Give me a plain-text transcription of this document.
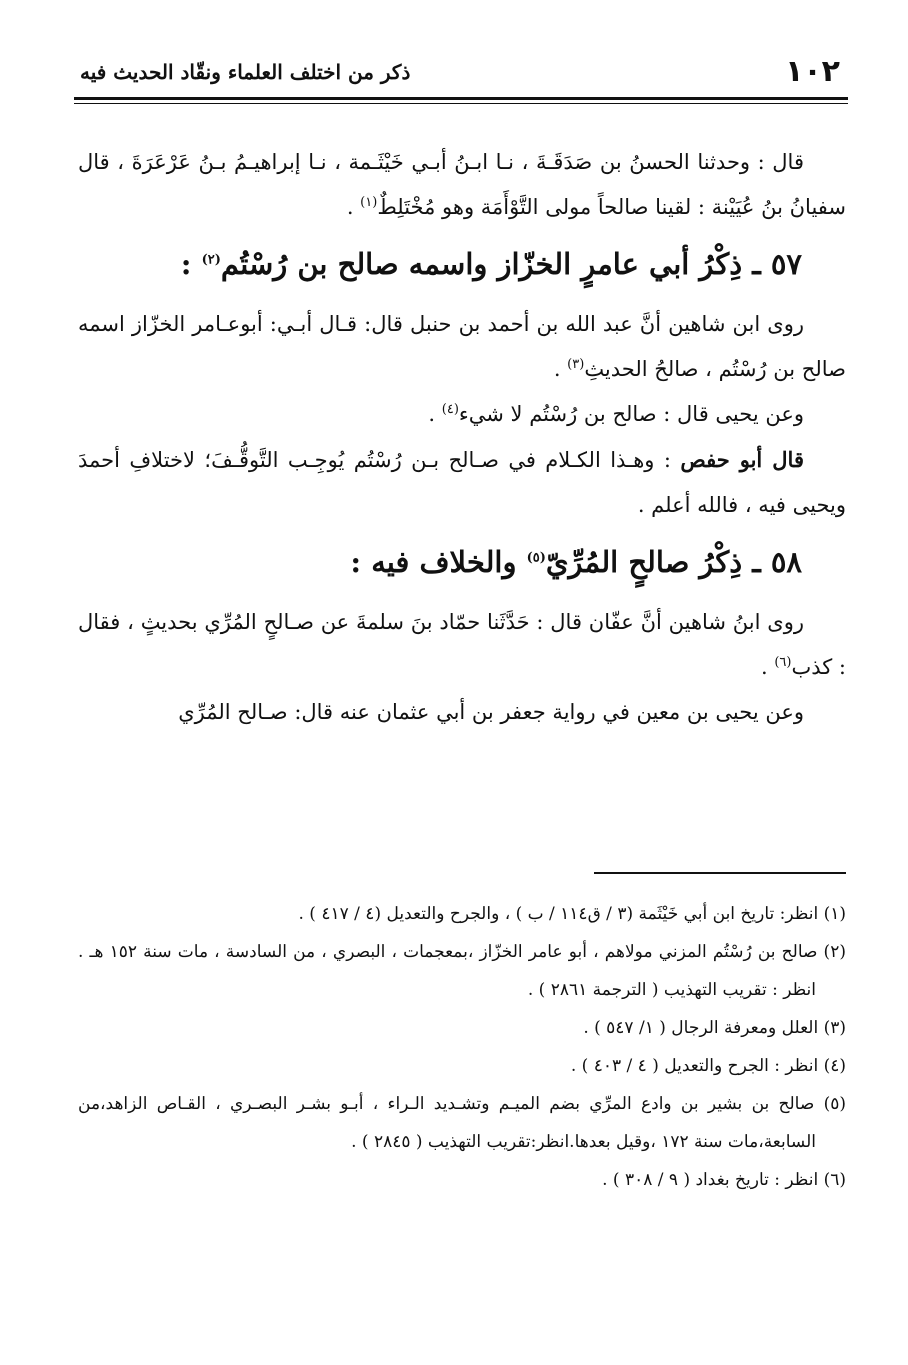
١٠٢
ذكر من اختلف العلماء ونقّاد الحديث فيه

قال : وحدثنا الحسنُ بن صَدَقَـةَ ، نـا ابـنُ أبـي خَيْثَـمة ، نـا إبراهيـمُ بـنُ عَرْعَرَةَ ، قال سفيانُ بنُ عُيَيْنة : لقينا صالحاً مولى التَّوْأَمَة وهو مُخْتَلِطٌ$^{(١)}$ .

٥٧ ـ ذِكْرُ أبي عامرٍ الخزّاز واسمه صالح بن رُسْتُم$^{(٢)}$ :

روى ابن شاهين أنَّ عبد الله بن أحمد بن حنبل قال: قـال أبـي: أبوعـامر الخزّاز اسمه صالح بن رُسْتُم ، صالحُ الحديثِ$^{(٣)}$ .

وعن يحيى قال : صالح بن رُسْتُم لا شيء$^{(٤)}$ .

قال أبو حفص : وهـذا الكـلام في صـالح بـن رُسْتُم يُوجِـب التَّوقُّـفَ؛ لاختلافِ أحمدَ ويحيى فيه ، فالله أعلم .

٥٨ ـ ذِكْرُ صالحٍ المُرِّيّ$^{(٥)}$ والخلاف فيه :

روى ابنُ شاهين أنَّ عفّان قال : حَدَّثَنا حمّاد بنَ سلمةَ عن صـالحٍ المُرِّي بحديثٍ ، فقال : كذب$^{(٦)}$ .

وعن يحيى بن معين في رواية جعفر بن أبي عثمان عنه قال: صـالح المُرِّي

(١) انظر: تاريخ ابن أبي خَيْثَمة (٣ / ق١١٤ / ب ) ، والجرح والتعديل (٤ / ٤١٧ ) .

(٢) صالح بن رُسْتُم المزني مولاهم ، أبو عامر الخزّاز ،بمعجمات ، البصري ، من السادسة ، مات سنة ١٥٢ هـ . انظر : تقريب التهذيب ( الترجمة ٢٨٦١ ) .

(٣) العلل ومعرفة الرجال ( ١/ ٥٤٧ ) .

(٤) انظر : الجرح والتعديل ( ٤ / ٤٠٣ ) .

(٥) صالح بن بشير بن وادع المرِّي بضم الميـم وتشـديد الـراء ، أبـو بشـر البصـري ، القـاص الزاهد،من السابعة،مات سنة ١٧٢ ،وقيل بعدها.انظر:تقريب التهذيب ( ٢٨٤٥ ) .

(٦) انظر : تاريخ بغداد ( ٩ / ٣٠٨ ) .
